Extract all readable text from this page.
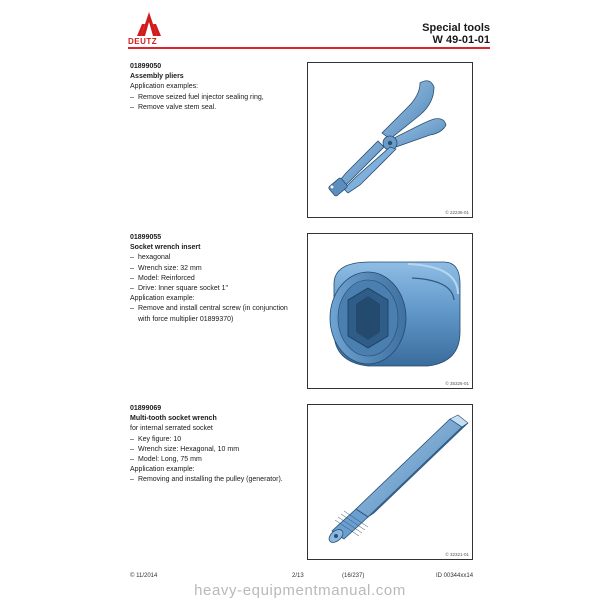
DEUTZ
Special tools
W 49-01-01
01899050
Assembly pliers
Application examples:
– Remove seized fuel injector sealing ring,
– Remove valve stem seal.
© 22236-01
01899055
Socket wrench insert
– hexagonal
– Wrench size: 32 mm
– Model: Reinforced
– Drive: Inner square socket 1"
Application example:
– Remove and install central screw (in conjunction
with force multiplier 01899370)
© 35326-01
01899069
Multi-tooth socket wrench
for internal serrated socket
– Key figure: 10
– Wrench size: Hexagonal, 10 mm
– Model: Long, 75 mm
Application example:
– Removing and installing the pulley (generator).
© 32321-01
© 11/2014	2/13	(16/237)	ID 00344xx14
heavy-equipmentmanual.com
